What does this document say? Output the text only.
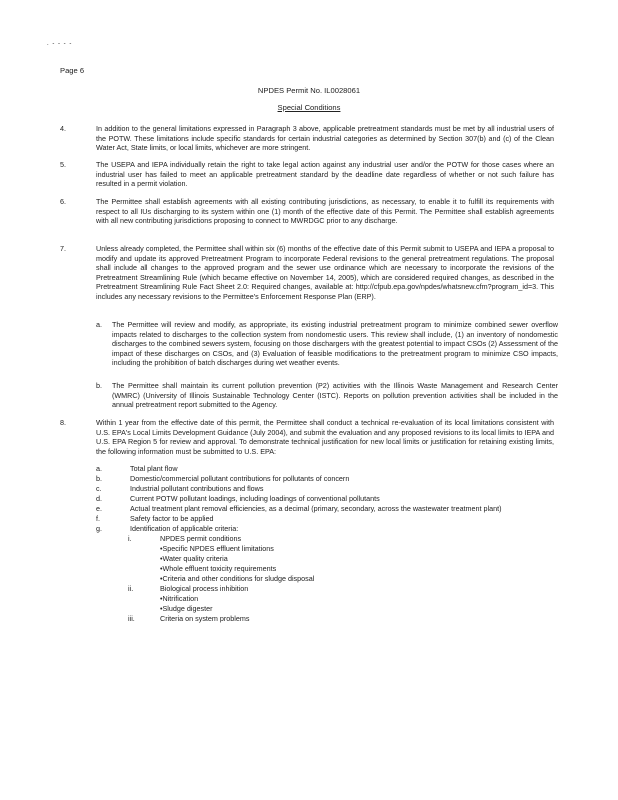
. - - - -
Page 6
NPDES Permit No. IL0028061
Special Conditions
4.	In addition to the general limitations expressed in Paragraph 3 above, applicable pretreatment standards must be met by all industrial users of the POTW. These limitations include specific standards for certain industrial categories as determined by Section 307(b) and (c) of the Clean Water Act, State limits, or local limits, whichever are more stringent.
5.	The USEPA and IEPA individually retain the right to take legal action against any industrial user and/or the POTW for those cases where an industrial user has failed to meet an applicable pretreatment standard by the deadline date regardless of whether or not such failure has resulted in a permit violation.
6.	The Permittee shall establish agreements with all existing contributing jurisdictions, as necessary, to enable it to fulfill its requirements with respect to all IUs discharging to its system within one (1) month of the effective date of this Permit. The Permittee shall establish agreements with all new contributing jurisdictions proposing to connect to MWRDGC prior to any discharge.
7.	Unless already completed, the Permittee shall within six (6) months of the effective date of this Permit submit to USEPA and IEPA a proposal to modify and update its approved Pretreatment Program to incorporate Federal revisions to the general pretreatment regulations. The proposal shall include all changes to the approved program and the sewer use ordinance which are necessary to incorporate the revisions of the Pretreatment Streamlining Rule (which became effective on November 14, 2005), which are considered required changes, as described in the Pretreatment Streamlining Rule Fact Sheet 2.0: Required changes, available at: http://cfpub.epa.gov/npdes/whatsnew.cfm?program_id=3. This includes any necessary revisions to the Permittee's Enforcement Response Plan (ERP).
a. The Permittee will review and modify, as appropriate, its existing industrial pretreatment program to minimize combined sewer overflow impacts related to discharges to the collection system from nondomestic users. This review shall include, (1) an inventory of nondomestic discharges to the combined sewers system, focusing on those dischargers with the greatest potential to impact CSOs (2) Assessment of the impact of these discharges on CSOs, and (3) Evaluation of feasible modifications to the pretreatment program to minimize CSO impacts, including the prohibition of batch discharges during wet weather events.
b. The Permittee shall maintain its current pollution prevention (P2) activities with the Illinois Waste Management and Research Center (WMRC) (University of Illinois Sustainable Technology Center (ISTC). Reports on pollution prevention activities shall be included in the annual pretreatment report submitted to the Agency.
8.	Within 1 year from the effective date of this permit, the Permittee shall conduct a technical re-evaluation of its local limitations consistent with U.S. EPA's Local Limits Development Guidance (July 2004), and submit the evaluation and any proposed revisions to its local limits to IEPA and U.S. EPA Region 5 for review and approval. To demonstrate technical justification for new local limits or justification for retaining existing limits, the following information must be submitted to U.S. EPA:
a.	Total plant flow
b.	Domestic/commercial pollutant contributions for pollutants of concern
c.	Industrial pollutant contributions and flows
d.	Current POTW pollutant loadings, including loadings of conventional pollutants
e.	Actual treatment plant removal efficiencies, as a decimal (primary, secondary, across the wastewater treatment plant)
f.	Safety factor to be applied
g.	Identification of applicable criteria:
i.	NPDES permit conditions
•Specific NPDES effluent limitations
•Water quality criteria
•Whole effluent toxicity requirements
•Criteria and other conditions for sludge disposal
ii.	Biological process inhibition
•Nitrification
•Sludge digester
iii.	Criteria on system problems
